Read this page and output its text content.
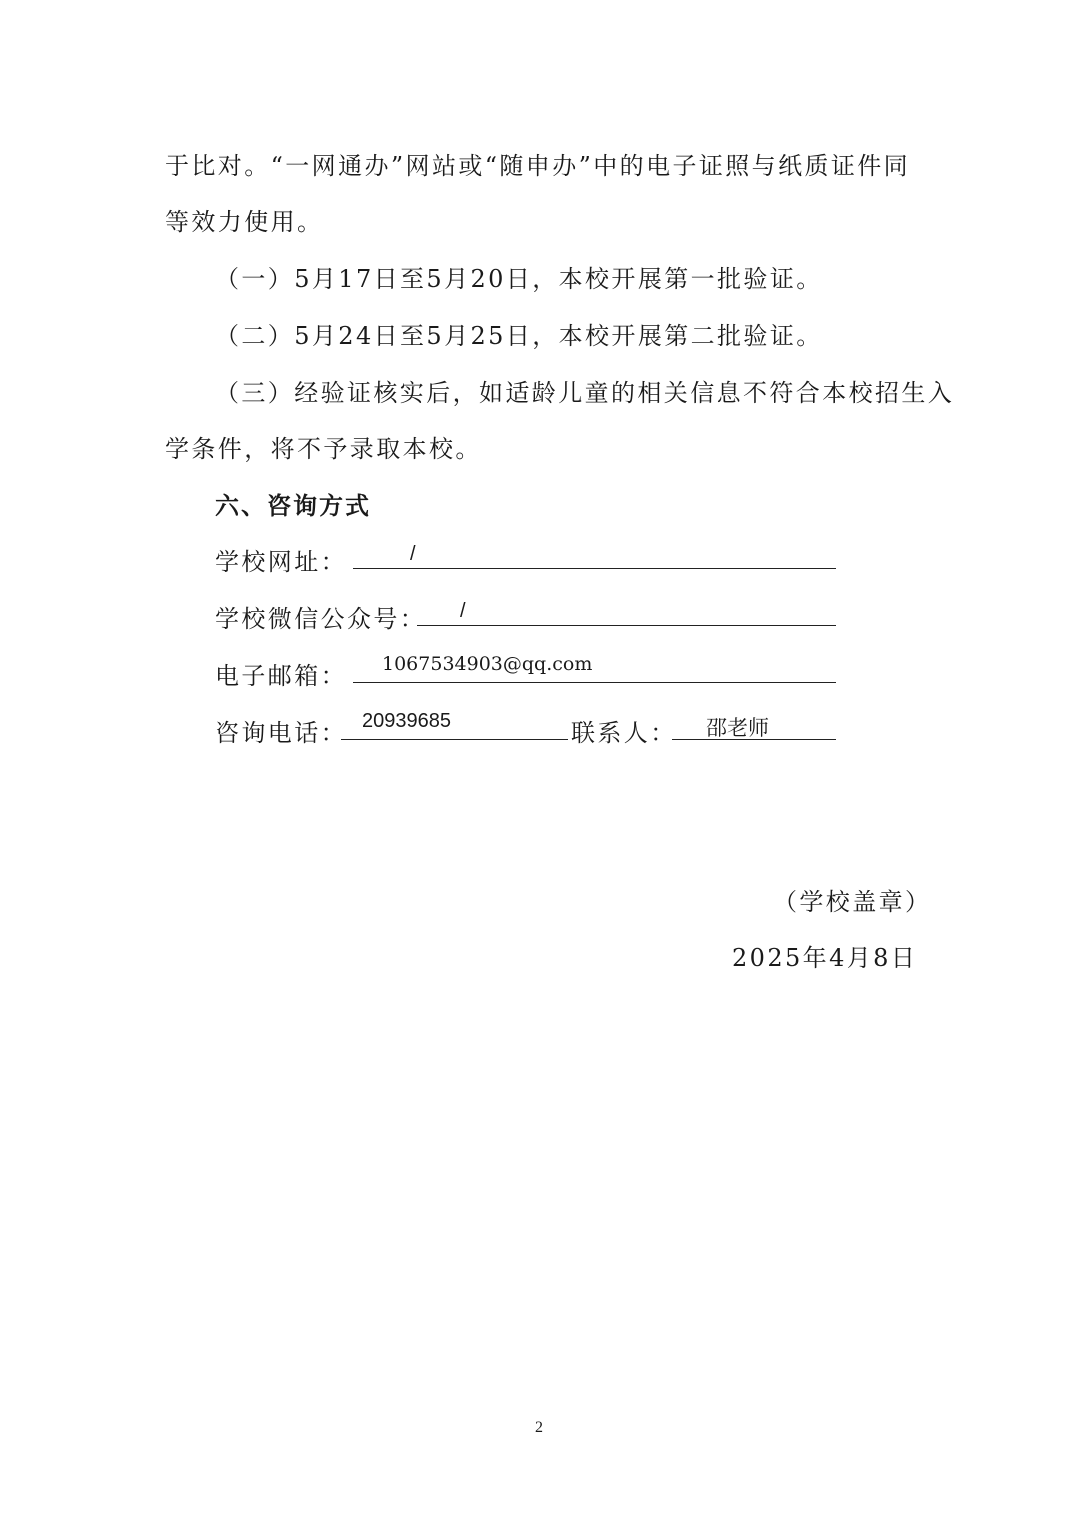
于比对。“一网通办”网站或“随申办”中的电子证照与纸质证件同
等效力使用。
（一）5月17日至5月20日，本校开展第一批验证。
（二）5月24日至5月25日，本校开展第二批验证。
（三）经验证核实后，如适龄儿童的相关信息不符合本校招生入
学条件，将不予录取本校。
六、咨询方式
学校网址：	/
学校微信公众号： /
电子邮箱： 1067534903@qq.com
咨询电话： 20939685	联系人： 邵老师
（学校盖章）
2025年4月8日
2
